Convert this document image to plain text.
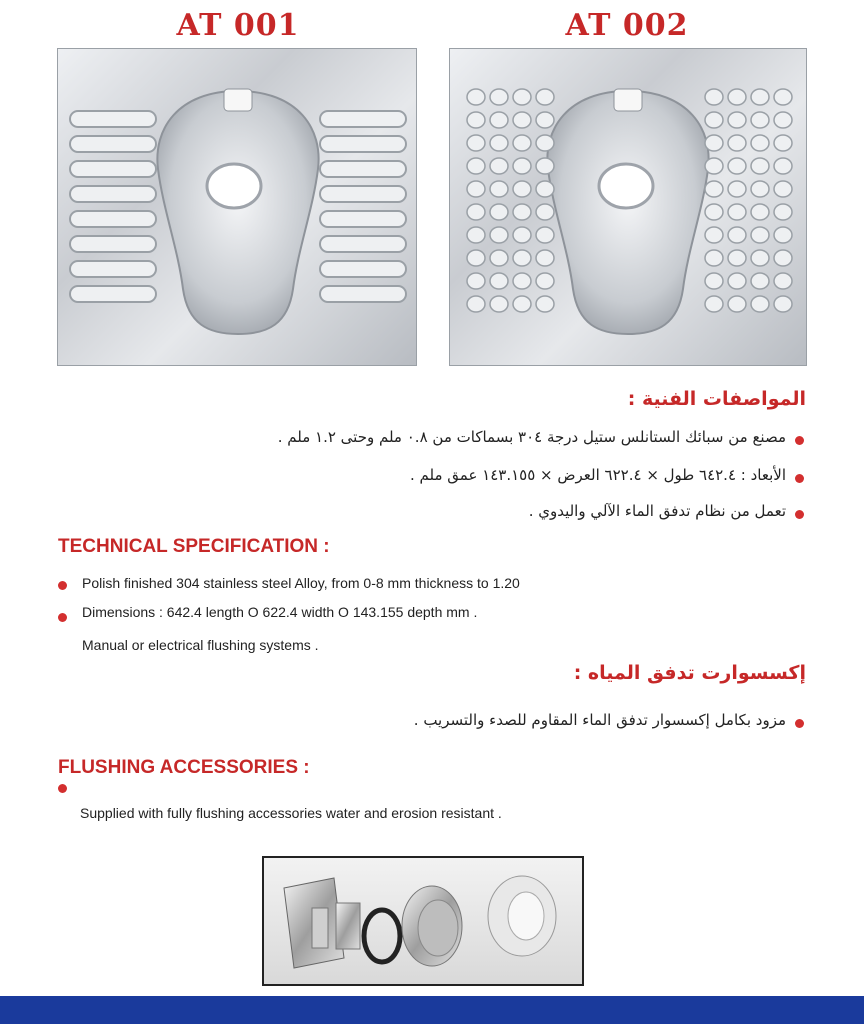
AT 001	AT 002
المواصفات الفنية :
مصنع من سبائك الستانلس ستيل درجة ٣٠٤ بسماكات من ٠.٨ ملم وحتى ١.٢ ملم .
الأبعاد : ٦٤٢.٤ طول × ٦٢٢.٤ العرض × ١٤٣.١٥٥ عمق ملم .
تعمل من نظام تدفق الماء الآلي واليدوي .
TECHNICAL SPECIFICATION :
Polish finished 304 stainless steel Alloy, from 0-8 mm thickness to 1.20
Dimensions : 642.4 length O 622.4 width O 143.155 depth mm .
Manual or electrical flushing systems .
إكسسوارت تدفق المياه :
مزود بكامل إكسسوار تدفق الماء المقاوم للصدء والتسريب .
FLUSHING ACCESSORIES :
Supplied with fully flushing accessories water and erosion resistant .
